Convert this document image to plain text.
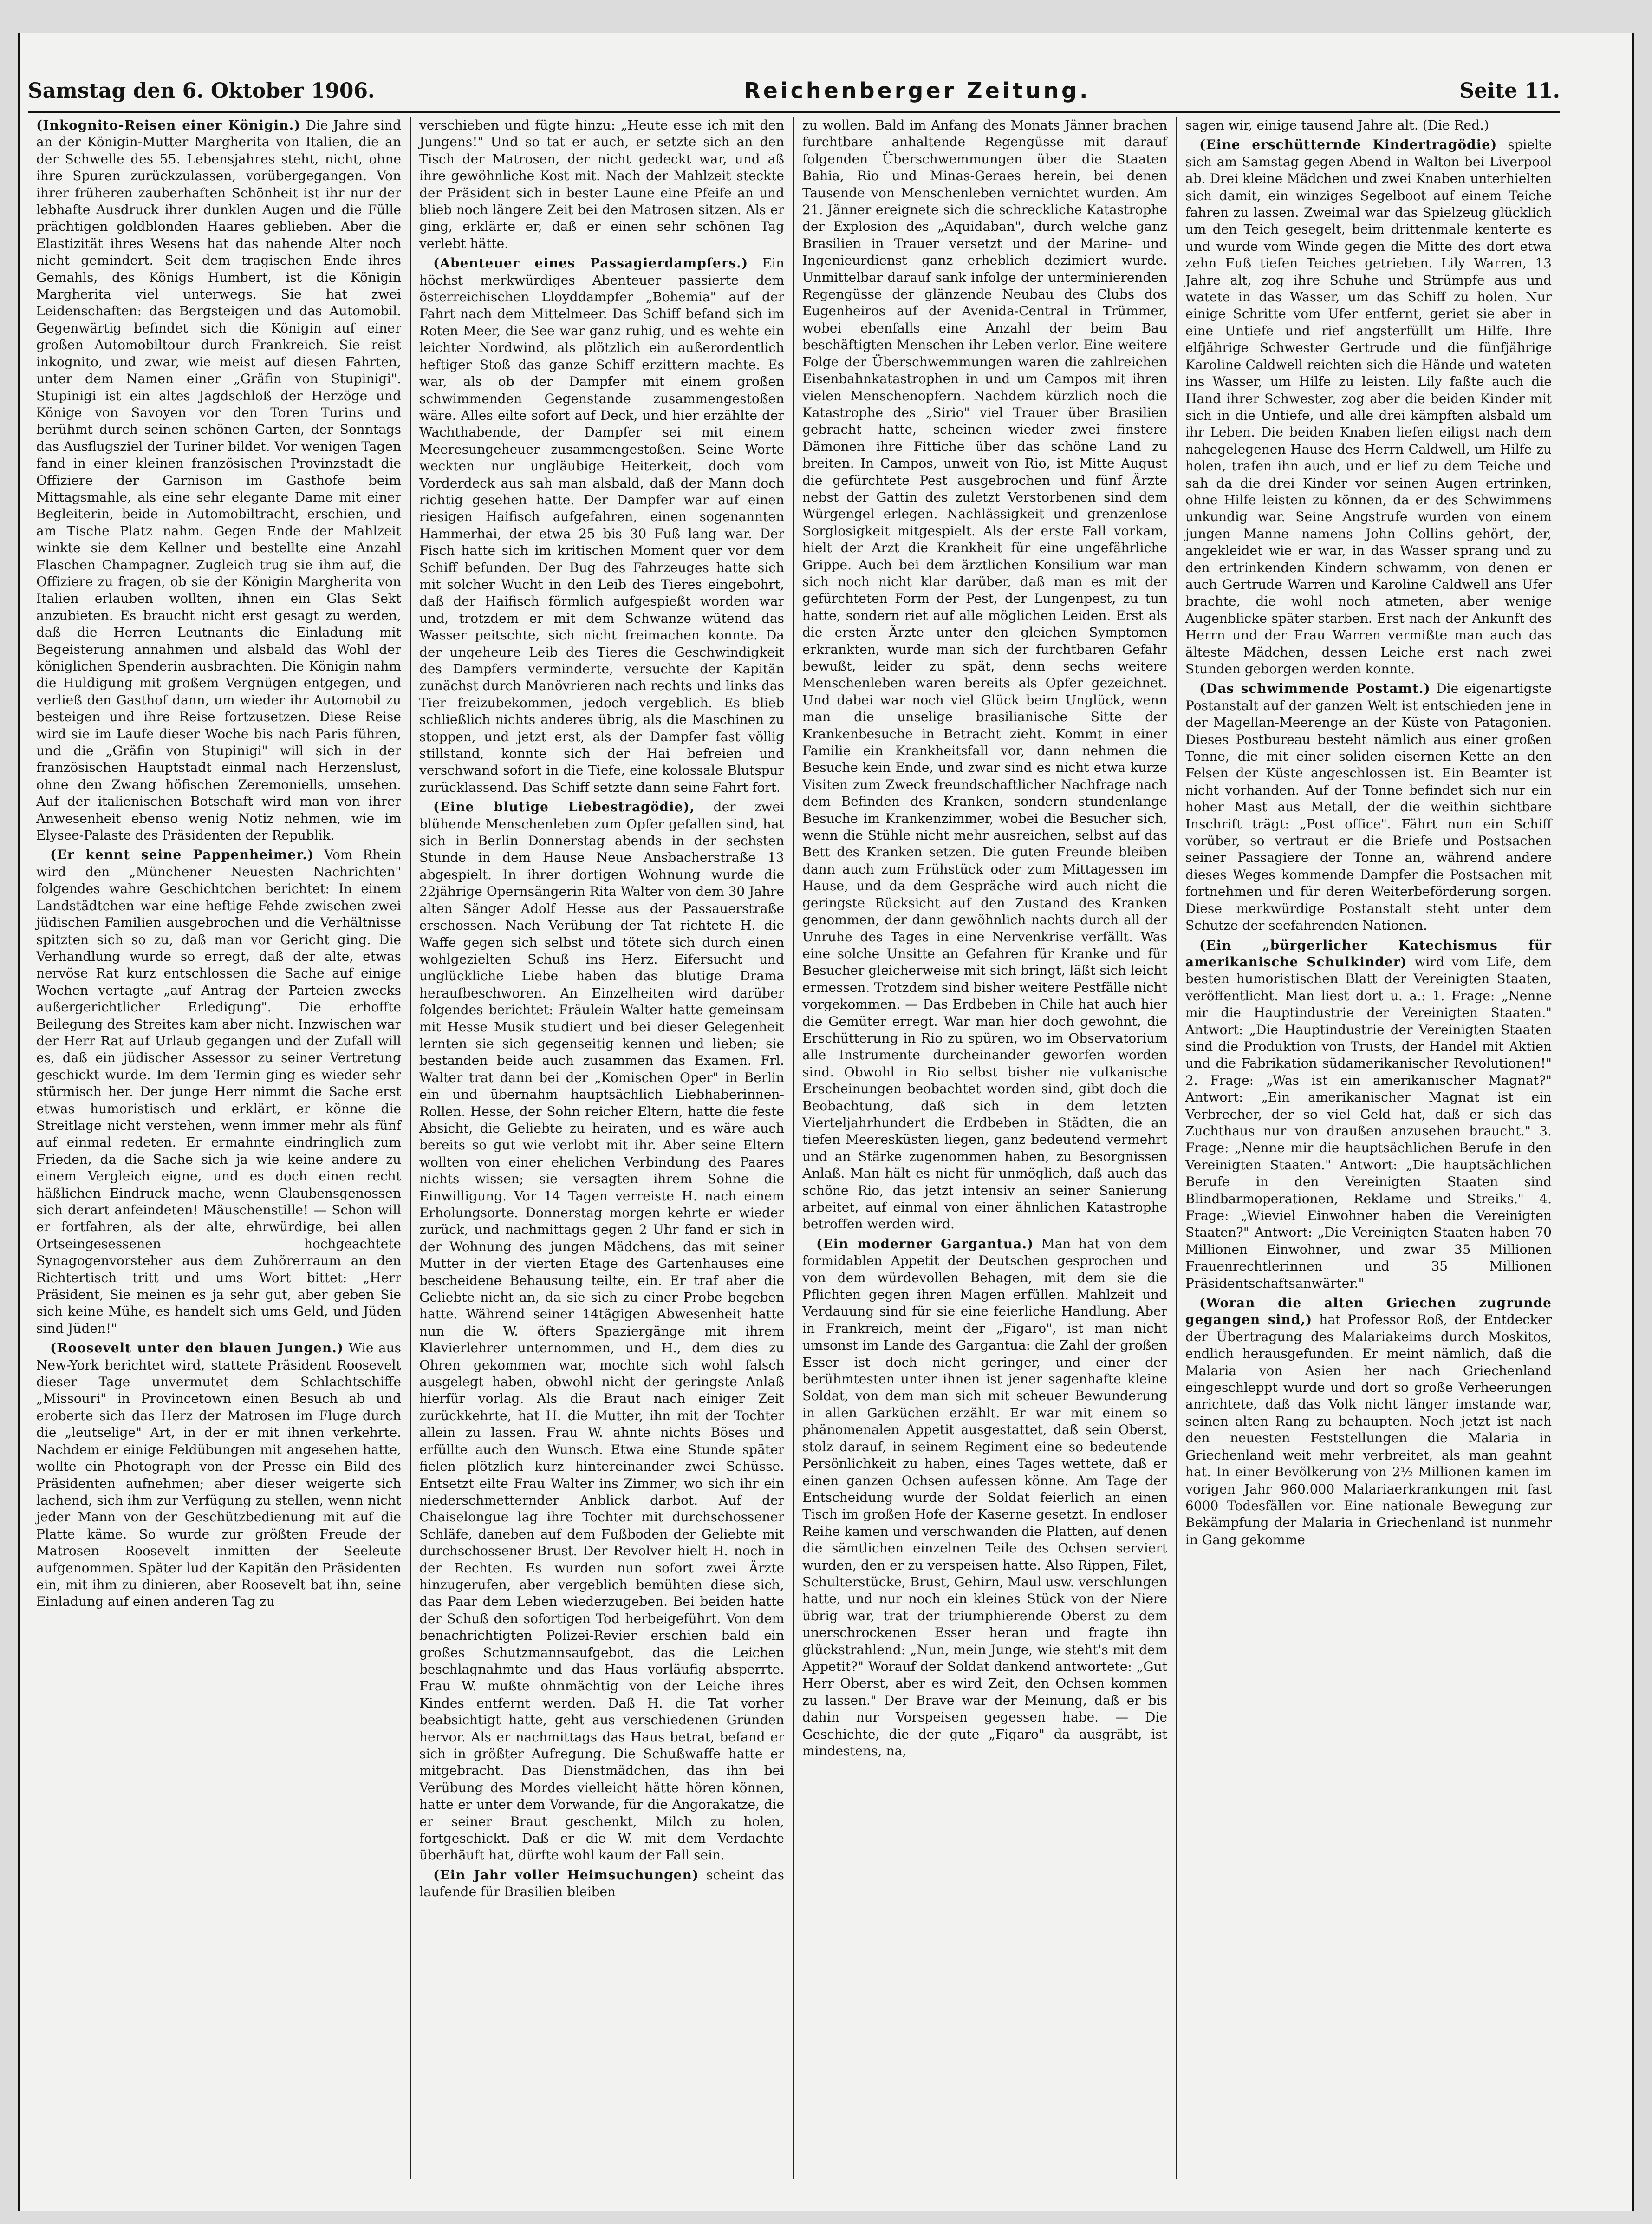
Samstag den 6. Oktober 1906.	Reichenberger Zeitung.	Seite 11.

(Inkognito-Reisen einer Königin.) Die Jahre sind an der Königin-Mutter Margherita von Italien, die an der Schwelle des 55. Lebensjahres steht, nicht, ohne ihre Spuren zurückzulassen, vorübergegangen. Von ihrer früheren zauberhaften Schönheit ist ihr nur der lebhafte Ausdruck ihrer dunklen Augen und die Fülle prächtigen goldblonden Haares geblieben. Aber die Elastizität ihres Wesens hat das nahende Alter noch nicht gemindert. Seit dem tragischen Ende ihres Gemahls, des Königs Humbert, ist die Königin Margherita viel unterwegs. Sie hat zwei Leidenschaften: das Bergsteigen und das Automobil. Gegenwärtig befindet sich die Königin auf einer großen Automobiltour durch Frankreich. Sie reist inkognito, und zwar, wie meist auf diesen Fahrten, unter dem Namen einer „Gräfin von Stupinigi". Stupinigi ist ein altes Jagdschloß der Herzöge und Könige von Savoyen vor den Toren Turins und berühmt durch seinen schönen Garten, der Sonntags das Ausflugsziel der Turiner bildet. Vor wenigen Tagen fand in einer kleinen französischen Provinzstadt die Offiziere der Garnison im Gasthofe beim Mittagsmahle, als eine sehr elegante Dame mit einer Begleiterin, beide in Automobiltracht, erschien, und am Tische Platz nahm. Gegen Ende der Mahlzeit winkte sie dem Kellner und bestellte eine Anzahl Flaschen Champagner. Zugleich trug sie ihm auf, die Offiziere zu fragen, ob sie der Königin Margherita von Italien erlauben wollten, ihnen ein Glas Sekt anzubieten. Es braucht nicht erst gesagt zu werden, daß die Herren Leutnants die Einladung mit Begeisterung annahmen und alsbald das Wohl der königlichen Spenderin ausbrachten. Die Königin nahm die Huldigung mit großem Vergnügen entgegen, und verließ den Gasthof dann, um wieder ihr Automobil zu besteigen und ihre Reise fortzusetzen. Diese Reise wird sie im Laufe dieser Woche bis nach Paris führen, und die „Gräfin von Stupinigi" will sich in der französischen Hauptstadt einmal nach Herzenslust, ohne den Zwang höfischen Zeremoniells, umsehen. Auf der italienischen Botschaft wird man von ihrer Anwesenheit ebenso wenig Notiz nehmen, wie im Elysee-Palaste des Präsidenten der Republik.

(Er kennt seine Pappenheimer.) Vom Rhein wird den „Münchener Neuesten Nachrichten" folgendes wahre Geschichtchen berichtet: In einem Landstädtchen war eine heftige Fehde zwischen zwei jüdischen Familien ausgebrochen und die Verhältnisse spitzten sich so zu, daß man vor Gericht ging. Die Verhandlung wurde so erregt, daß der alte, etwas nervöse Rat kurz entschlossen die Sache auf einige Wochen vertagte „auf Antrag der Parteien zwecks außergerichtlicher Erledigung". Die erhoffte Beilegung des Streites kam aber nicht. Inzwischen war der Herr Rat auf Urlaub gegangen und der Zufall will es, daß ein jüdischer Assessor zu seiner Vertretung geschickt wurde. Im dem Termin ging es wieder sehr stürmisch her. Der junge Herr nimmt die Sache erst etwas humoristisch und erklärt, er könne die Streitlage nicht verstehen, wenn immer mehr als fünf auf einmal redeten. Er ermahnte eindringlich zum Frieden, da die Sache sich ja wie keine andere zu einem Vergleich eigne, und es doch einen recht häßlichen Eindruck mache, wenn Glaubensgenossen sich derart anfeindeten! Mäuschenstille! — Schon will er fortfahren, als der alte, ehrwürdige, bei allen Ortseingesessenen hochgeachtete Synagogenvorsteher aus dem Zuhörerraum an den Richtertisch tritt und ums Wort bittet: „Herr Präsident, Sie meinen es ja sehr gut, aber geben Sie sich keine Mühe, es handelt sich ums Geld, und Jüden sind Jüden!"

(Roosevelt unter den blauen Jungen.) Wie aus New-York berichtet wird, stattete Präsident Roosevelt dieser Tage unvermutet dem Schlachtschiffe „Missouri" in Provincetown einen Besuch ab und eroberte sich das Herz der Matrosen im Fluge durch die „leutselige" Art, in der er mit ihnen verkehrte. Nachdem er einige Feldübungen mit angesehen hatte, wollte ein Photograph von der Presse ein Bild des Präsidenten aufnehmen; aber dieser weigerte sich lachend, sich ihm zur Verfügung zu stellen, wenn nicht jeder Mann von der Geschützbedienung mit auf die Platte käme. So wurde zur größten Freude der Matrosen Roosevelt inmitten der Seeleute aufgenommen. Später lud der Kapitän den Präsidenten ein, mit ihm zu dinieren, aber Roosevelt bat ihn, seine Einladung auf einen anderen Tag zu

verschieben und fügte hinzu: „Heute esse ich mit den Jungens!" Und so tat er auch, er setzte sich an den Tisch der Matrosen, der nicht gedeckt war, und aß ihre gewöhnliche Kost mit. Nach der Mahlzeit steckte der Präsident sich in bester Laune eine Pfeife an und blieb noch längere Zeit bei den Matrosen sitzen. Als er ging, erklärte er, daß er einen sehr schönen Tag verlebt hätte.

(Abenteuer eines Passagierdampfers.) Ein höchst merkwürdiges Abenteuer passierte dem österreichischen Lloyddampfer „Bohemia" auf der Fahrt nach dem Mittelmeer. Das Schiff befand sich im Roten Meer, die See war ganz ruhig, und es wehte ein leichter Nordwind, als plötzlich ein außerordentlich heftiger Stoß das ganze Schiff erzittern machte. Es war, als ob der Dampfer mit einem großen schwimmenden Gegenstande zusammengestoßen wäre. Alles eilte sofort auf Deck, und hier erzählte der Wachthabende, der Dampfer sei mit einem Meeresungeheuer zusammengestoßen. Seine Worte weckten nur ungläubige Heiterkeit, doch vom Vorderdeck aus sah man alsbald, daß der Mann doch richtig gesehen hatte. Der Dampfer war auf einen riesigen Haifisch aufgefahren, einen sogenannten Hammerhai, der etwa 25 bis 30 Fuß lang war. Der Fisch hatte sich im kritischen Moment quer vor dem Schiff befunden. Der Bug des Fahrzeuges hatte sich mit solcher Wucht in den Leib des Tieres eingebohrt, daß der Haifisch förmlich aufgespießt worden war und, trotzdem er mit dem Schwanze wütend das Wasser peitschte, sich nicht freimachen konnte. Da der ungeheure Leib des Tieres die Geschwindigkeit des Dampfers verminderte, versuchte der Kapitän zunächst durch Manövrieren nach rechts und links das Tier freizubekommen, jedoch vergeblich. Es blieb schließlich nichts anderes übrig, als die Maschinen zu stoppen, und jetzt erst, als der Dampfer fast völlig stillstand, konnte sich der Hai befreien und verschwand sofort in die Tiefe, eine kolossale Blutspur zurücklassend. Das Schiff setzte dann seine Fahrt fort.

(Eine blutige Liebestragödie), der zwei blühende Menschenleben zum Opfer gefallen sind, hat sich in Berlin Donnerstag abends in der sechsten Stunde in dem Hause Neue Ansbacherstraße 13 abgespielt. In ihrer dortigen Wohnung wurde die 22jährige Opernsängerin Rita Walter von dem 30 Jahre alten Sänger Adolf Hesse aus der Passauerstraße erschossen. Nach Verübung der Tat richtete H. die Waffe gegen sich selbst und tötete sich durch einen wohlgezielten Schuß ins Herz. Eifersucht und unglückliche Liebe haben das blutige Drama heraufbeschworen. An Einzelheiten wird darüber folgendes berichtet: Fräulein Walter hatte gemeinsam mit Hesse Musik studiert und bei dieser Gelegenheit lernten sie sich gegenseitig kennen und lieben; sie bestanden beide auch zusammen das Examen. Frl. Walter trat dann bei der „Komischen Oper" in Berlin ein und übernahm hauptsächlich Liebhaberinnen-Rollen. Hesse, der Sohn reicher Eltern, hatte die feste Absicht, die Geliebte zu heiraten, und es wäre auch bereits so gut wie verlobt mit ihr. Aber seine Eltern wollten von einer ehelichen Verbindung des Paares nichts wissen; sie versagten ihrem Sohne die Einwilligung. Vor 14 Tagen verreiste H. nach einem Erholungsorte. Donnerstag morgen kehrte er wieder zurück, und nachmittags gegen 2 Uhr fand er sich in der Wohnung des jungen Mädchens, das mit seiner Mutter in der vierten Etage des Gartenhauses eine bescheidene Behausung teilte, ein. Er traf aber die Geliebte nicht an, da sie sich zu einer Probe begeben hatte. Während seiner 14tägigen Abwesenheit hatte nun die W. öfters Spaziergänge mit ihrem Klavierlehrer unternommen, und H., dem dies zu Ohren gekommen war, mochte sich wohl falsch ausgelegt haben, obwohl nicht der geringste Anlaß hierfür vorlag. Als die Braut nach einiger Zeit zurückkehrte, hat H. die Mutter, ihn mit der Tochter allein zu lassen. Frau W. ahnte nichts Böses und erfüllte auch den Wunsch. Etwa eine Stunde später fielen plötzlich kurz hintereinander zwei Schüsse. Entsetzt eilte Frau Walter ins Zimmer, wo sich ihr ein niederschmetternder Anblick darbot. Auf der Chaiselongue lag ihre Tochter mit durchschossener Schläfe, daneben auf dem Fußboden der Geliebte mit durchschossener Brust. Der Revolver hielt H. noch in der Rechten. Es wurden nun sofort zwei Ärzte hinzugerufen, aber vergeblich bemühten diese sich, das Paar dem Leben wiederzugeben. Bei beiden hatte der Schuß den sofortigen Tod herbeigeführt. Von dem benachrichtigten Polizei-Revier erschien bald ein großes Schutzmannsaufgebot, das die Leichen beschlagnahmte und das Haus vorläufig absperrte. Frau W. mußte ohnmächtig von der Leiche ihres Kindes entfernt werden. Daß H. die Tat vorher beabsichtigt hatte, geht aus verschiedenen Gründen hervor. Als er nachmittags das Haus betrat, befand er sich in größter Aufregung. Die Schußwaffe hatte er mitgebracht. Das Dienstmädchen, das ihn bei Verübung des Mordes vielleicht hätte hören können, hatte er unter dem Vorwande, für die Angorakatze, die er seiner Braut geschenkt, Milch zu holen, fortgeschickt. Daß er die W. mit dem Verdachte überhäuft hat, dürfte wohl kaum der Fall sein.

(Ein Jahr voller Heimsuchungen) scheint das laufende für Brasilien bleiben

zu wollen. Bald im Anfang des Monats Jänner brachen furchtbare anhaltende Regengüsse mit darauf folgenden Überschwemmungen über die Staaten Bahia, Rio und Minas-Geraes herein, bei denen Tausende von Menschenleben vernichtet wurden. Am 21. Jänner ereignete sich die schreckliche Katastrophe der Explosion des „Aquidaban", durch welche ganz Brasilien in Trauer versetzt und der Marine- und Ingenieurdienst ganz erheblich dezimiert wurde. Unmittelbar darauf sank infolge der unterminierenden Regengüsse der glänzende Neubau des Clubs dos Eugenheiros auf der Avenida-Central in Trümmer, wobei ebenfalls eine Anzahl der beim Bau beschäftigten Menschen ihr Leben verlor. Eine weitere Folge der Überschwemmungen waren die zahlreichen Eisenbahnkatastrophen in und um Campos mit ihren vielen Menschenopfern. Nachdem kürzlich noch die Katastrophe des „Sirio" viel Trauer über Brasilien gebracht hatte, scheinen wieder zwei finstere Dämonen ihre Fittiche über das schöne Land zu breiten. In Campos, unweit von Rio, ist Mitte August die gefürchtete Pest ausgebrochen und fünf Ärzte nebst der Gattin des zuletzt Verstorbenen sind dem Würgengel erlegen. Nachlässigkeit und grenzenlose Sorglosigkeit mitgespielt. Als der erste Fall vorkam, hielt der Arzt die Krankheit für eine ungefährliche Grippe. Auch bei dem ärztlichen Konsilium war man sich noch nicht klar darüber, daß man es mit der gefürchteten Form der Pest, der Lungenpest, zu tun hatte, sondern riet auf alle möglichen Leiden. Erst als die ersten Ärzte unter den gleichen Symptomen erkrankten, wurde man sich der furchtbaren Gefahr bewußt, leider zu spät, denn sechs weitere Menschenleben waren bereits als Opfer gezeichnet. Und dabei war noch viel Glück beim Unglück, wenn man die unselige brasilianische Sitte der Krankenbesuche in Betracht zieht. Kommt in einer Familie ein Krankheitsfall vor, dann nehmen die Besuche kein Ende, und zwar sind es nicht etwa kurze Visiten zum Zweck freundschaftlicher Nachfrage nach dem Befinden des Kranken, sondern stundenlange Besuche im Krankenzimmer, wobei die Besucher sich, wenn die Stühle nicht mehr ausreichen, selbst auf das Bett des Kranken setzen. Die guten Freunde bleiben dann auch zum Frühstück oder zum Mittagessen im Hause, und da dem Gespräche wird auch nicht die geringste Rücksicht auf den Zustand des Kranken genommen, der dann gewöhnlich nachts durch all der Unruhe des Tages in eine Nervenkrise verfällt. Was eine solche Unsitte an Gefahren für Kranke und für Besucher gleicherweise mit sich bringt, läßt sich leicht ermessen. Trotzdem sind bisher weitere Pestfälle nicht vorgekommen. — Das Erdbeben in Chile hat auch hier die Gemüter erregt. War man hier doch gewohnt, die Erschütterung in Rio zu spüren, wo im Observatorium alle Instrumente durcheinander geworfen worden sind. Obwohl in Rio selbst bisher nie vulkanische Erscheinungen beobachtet worden sind, gibt doch die Beobachtung, daß sich in dem letzten Vierteljahrhundert die Erdbeben in Städten, die an tiefen Meeresküsten liegen, ganz bedeutend vermehrt und an Stärke zugenommen haben, zu Besorgnissen Anlaß. Man hält es nicht für unmöglich, daß auch das schöne Rio, das jetzt intensiv an seiner Sanierung arbeitet, auf einmal von einer ähnlichen Katastrophe betroffen werden wird.

(Ein moderner Gargantua.) Man hat von dem formidablen Appetit der Deutschen gesprochen und von dem würdevollen Behagen, mit dem sie die Pflichten gegen ihren Magen erfüllen. Mahlzeit und Verdauung sind für sie eine feierliche Handlung. Aber in Frankreich, meint der „Figaro", ist man nicht umsonst im Lande des Gargantua: die Zahl der großen Esser ist doch nicht geringer, und einer der berühmtesten unter ihnen ist jener sagenhafte kleine Soldat, von dem man sich mit scheuer Bewunderung in allen Garküchen erzählt. Er war mit einem so phänomenalen Appetit ausgestattet, daß sein Oberst, stolz darauf, in seinem Regiment eine so bedeutende Persönlichkeit zu haben, eines Tages wettete, daß er einen ganzen Ochsen aufessen könne. Am Tage der Entscheidung wurde der Soldat feierlich an einen Tisch im großen Hofe der Kaserne gesetzt. In endloser Reihe kamen und verschwanden die Platten, auf denen die sämtlichen einzelnen Teile des Ochsen serviert wurden, den er zu verspeisen hatte. Also Rippen, Filet, Schulterstücke, Brust, Gehirn, Maul usw. verschlungen hatte, und nur noch ein kleines Stück von der Niere übrig war, trat der triumphierende Oberst zu dem unerschrockenen Esser heran und fragte ihn glückstrahlend: „Nun, mein Junge, wie steht's mit dem Appetit?" Worauf der Soldat dankend antwortete: „Gut Herr Oberst, aber es wird Zeit, den Ochsen kommen zu lassen." Der Brave war der Meinung, daß er bis dahin nur Vorspeisen gegessen habe. — Die Geschichte, die der gute „Figaro" da ausgräbt, ist mindestens, na,

sagen wir, einige tausend Jahre alt. (Die Red.)

(Eine erschütternde Kindertragödie) spielte sich am Samstag gegen Abend in Walton bei Liverpool ab. Drei kleine Mädchen und zwei Knaben unterhielten sich damit, ein winziges Segelboot auf einem Teiche fahren zu lassen. Zweimal war das Spielzeug glücklich um den Teich gesegelt, beim drittenmale kenterte es und wurde vom Winde gegen die Mitte des dort etwa zehn Fuß tiefen Teiches getrieben. Lily Warren, 13 Jahre alt, zog ihre Schuhe und Strümpfe aus und watete in das Wasser, um das Schiff zu holen. Nur einige Schritte vom Ufer entfernt, geriet sie aber in eine Untiefe und rief angsterfüllt um Hilfe. Ihre elfjährige Schwester Gertrude und die fünfjährige Karoline Caldwell reichten sich die Hände und wateten ins Wasser, um Hilfe zu leisten. Lily faßte auch die Hand ihrer Schwester, zog aber die beiden Kinder mit sich in die Untiefe, und alle drei kämpften alsbald um ihr Leben. Die beiden Knaben liefen eiligst nach dem nahegelegenen Hause des Herrn Caldwell, um Hilfe zu holen, trafen ihn auch, und er lief zu dem Teiche und sah da die drei Kinder vor seinen Augen ertrinken, ohne Hilfe leisten zu können, da er des Schwimmens unkundig war. Seine Angstrufe wurden von einem jungen Manne namens John Collins gehört, der, angekleidet wie er war, in das Wasser sprang und zu den ertrinkenden Kindern schwamm, von denen er auch Gertrude Warren und Karoline Caldwell ans Ufer brachte, die wohl noch atmeten, aber wenige Augenblicke später starben. Erst nach der Ankunft des Herrn und der Frau Warren vermißte man auch das älteste Mädchen, dessen Leiche erst nach zwei Stunden geborgen werden konnte.

(Das schwimmende Postamt.) Die eigenartigste Postanstalt auf der ganzen Welt ist entschieden jene in der Magellan-Meerenge an der Küste von Patagonien. Dieses Postbureau besteht nämlich aus einer großen Tonne, die mit einer soliden eisernen Kette an den Felsen der Küste angeschlossen ist. Ein Beamter ist nicht vorhanden. Auf der Tonne befindet sich nur ein hoher Mast aus Metall, der die weithin sichtbare Inschrift trägt: „Post office". Fährt nun ein Schiff vorüber, so vertraut er die Briefe und Postsachen seiner Passagiere der Tonne an, während andere dieses Weges kommende Dampfer die Postsachen mit fortnehmen und für deren Weiterbeförderung sorgen. Diese merkwürdige Postanstalt steht unter dem Schutze der seefahrenden Nationen.

(Ein „bürgerlicher Katechismus für amerikanische Schulkinder) wird vom Life, dem besten humoristischen Blatt der Vereinigten Staaten, veröffentlicht. Man liest dort u. a.: 1. Frage: „Nenne mir die Hauptindustrie der Vereinigten Staaten." Antwort: „Die Hauptindustrie der Vereinigten Staaten sind die Produktion von Trusts, der Handel mit Aktien und die Fabrikation südamerikanischer Revolutionen!" 2. Frage: „Was ist ein amerikanischer Magnat?" Antwort: „Ein amerikanischer Magnat ist ein Verbrecher, der so viel Geld hat, daß er sich das Zuchthaus nur von draußen anzusehen braucht." 3. Frage: „Nenne mir die hauptsächlichen Berufe in den Vereinigten Staaten." Antwort: „Die hauptsächlichen Berufe in den Vereinigten Staaten sind Blindbarmoperationen, Reklame und Streiks." 4. Frage: „Wieviel Einwohner haben die Vereinigten Staaten?" Antwort: „Die Vereinigten Staaten haben 70 Millionen Einwohner, und zwar 35 Millionen Frauenrechtlerinnen und 35 Millionen Präsidentschaftsanwärter."

(Woran die alten Griechen zugrunde gegangen sind,) hat Professor Roß, der Entdecker der Übertragung des Malariakeims durch Moskitos, endlich herausgefunden. Er meint nämlich, daß die Malaria von Asien her nach Griechenland eingeschleppt wurde und dort so große Verheerungen anrichtete, daß das Volk nicht länger imstande war, seinen alten Rang zu behaupten. Noch jetzt ist nach den neuesten Feststellungen die Malaria in Griechenland weit mehr verbreitet, als man geahnt hat. In einer Bevölkerung von 2½ Millionen kamen im vorigen Jahr 960.000 Malariaerkrankungen mit fast 6000 Todesfällen vor. Eine nationale Bewegung zur Bekämpfung der Malaria in Griechenland ist nunmehr in Gang gekomme
